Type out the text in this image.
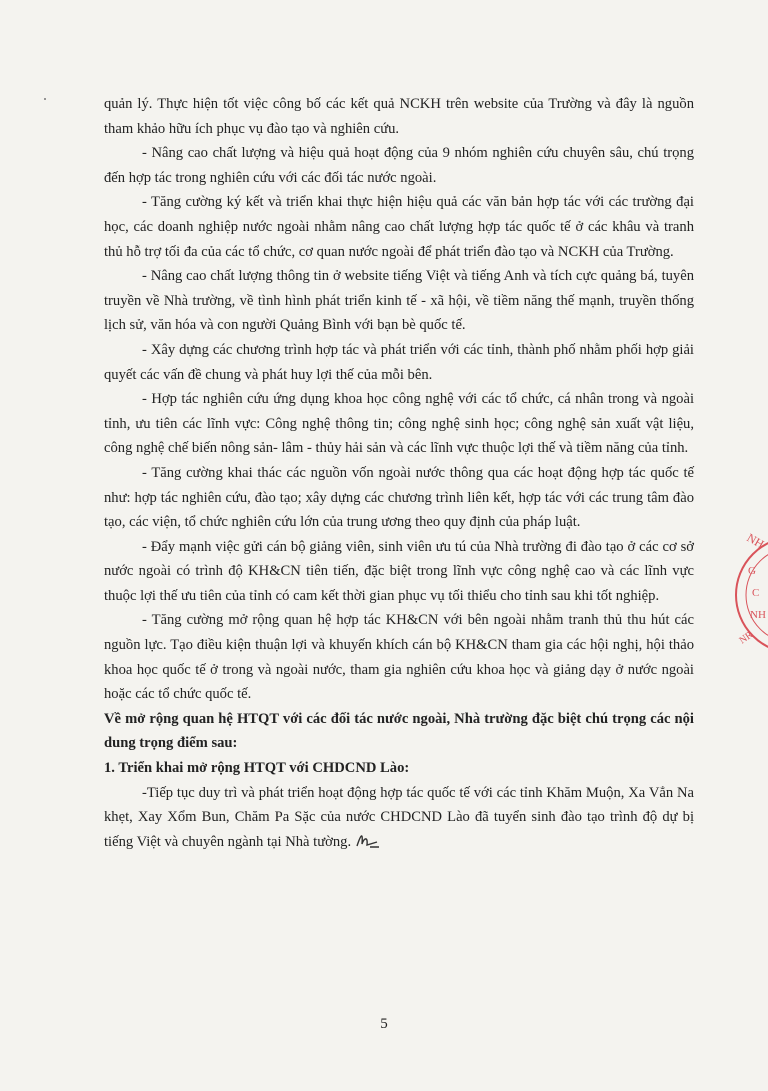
quản lý. Thực hiện tốt việc công bố các kết quả NCKH trên website của Trường và đây là nguồn tham khảo hữu ích phục vụ đào tạo và nghiên cứu.

- Nâng cao chất lượng và hiệu quả hoạt động của 9 nhóm nghiên cứu chuyên sâu, chú trọng đến hợp tác trong nghiên cứu với các đối tác nước ngoài.

- Tăng cường ký kết và triển khai thực hiện hiệu quả các văn bản hợp tác với các trường đại học, các doanh nghiệp nước ngoài nhằm nâng cao chất lượng hợp tác quốc tế ở các khâu và tranh thủ hỗ trợ tối đa của các tổ chức, cơ quan nước ngoài để phát triển đào tạo và NCKH của Trường.

- Nâng cao chất lượng thông tin ở website tiếng Việt và tiếng Anh và tích cực quảng bá, tuyên truyền về Nhà trường, về tình hình phát triển kinh tế - xã hội, về tiềm năng thế mạnh, truyền thống lịch sử, văn hóa và con người Quảng Bình với bạn bè quốc tế.

- Xây dựng các chương trình hợp tác và phát triển với các tỉnh, thành phố nhằm phối hợp giải quyết các vấn đề chung và phát huy lợi thế của mỗi bên.

- Hợp tác nghiên cứu ứng dụng khoa học công nghệ với các tổ chức, cá nhân trong và ngoài tỉnh, ưu tiên các lĩnh vực: Công nghệ thông tin; công nghệ sinh học; công nghệ sản xuất vật liệu, công nghệ chế biến nông sản- lâm - thủy hải sản và các lĩnh vực thuộc lợi thế và tiềm năng của tỉnh.

- Tăng cường khai thác các nguồn vốn ngoài nước thông qua các hoạt động hợp tác quốc tế như: hợp tác nghiên cứu, đào tạo; xây dựng các chương trình liên kết, hợp tác với các trung tâm đào tạo, các viện, tổ chức nghiên cứu lớn của trung ương theo quy định của pháp luật.

- Đẩy mạnh việc gửi cán bộ giảng viên, sinh viên ưu tú của Nhà trường đi đào tạo ở các cơ sở nước ngoài có trình độ KH&CN tiên tiến, đặc biệt trong lĩnh vực công nghệ cao và các lĩnh vực thuộc lợi thế ưu tiên của tỉnh có cam kết thời gian phục vụ tối thiểu cho tỉnh sau khi tốt nghiệp.

- Tăng cường mở rộng quan hệ hợp tác KH&CN với bên ngoài nhằm tranh thủ thu hút các nguồn lực. Tạo điều kiện thuận lợi và khuyến khích cán bộ KH&CN tham gia các hội nghị, hội thảo khoa học quốc tế ở trong và ngoài nước, tham gia nghiên cứu khoa học và giảng dạy ở nước ngoài hoặc các tổ chức quốc tế.

Về mở rộng quan hệ HTQT với các đối tác nước ngoài, Nhà trường đặc biệt chú trọng các nội dung trọng điểm sau:

1. Triển khai mở rộng HTQT với CHDCND Lào:

-Tiếp tục duy trì và phát triển hoạt động hợp tác quốc tế với các tỉnh Khăm Muộn, Xa Vẳn Na khẹt, Xay Xổm Bun, Chăm Pa Sặc của nước CHDCND Lào đã tuyển sinh đào tạo trình độ dự bị tiếng Việt và chuyên ngành tại Nhà tường.

NH
G
C
NH
NR
5
